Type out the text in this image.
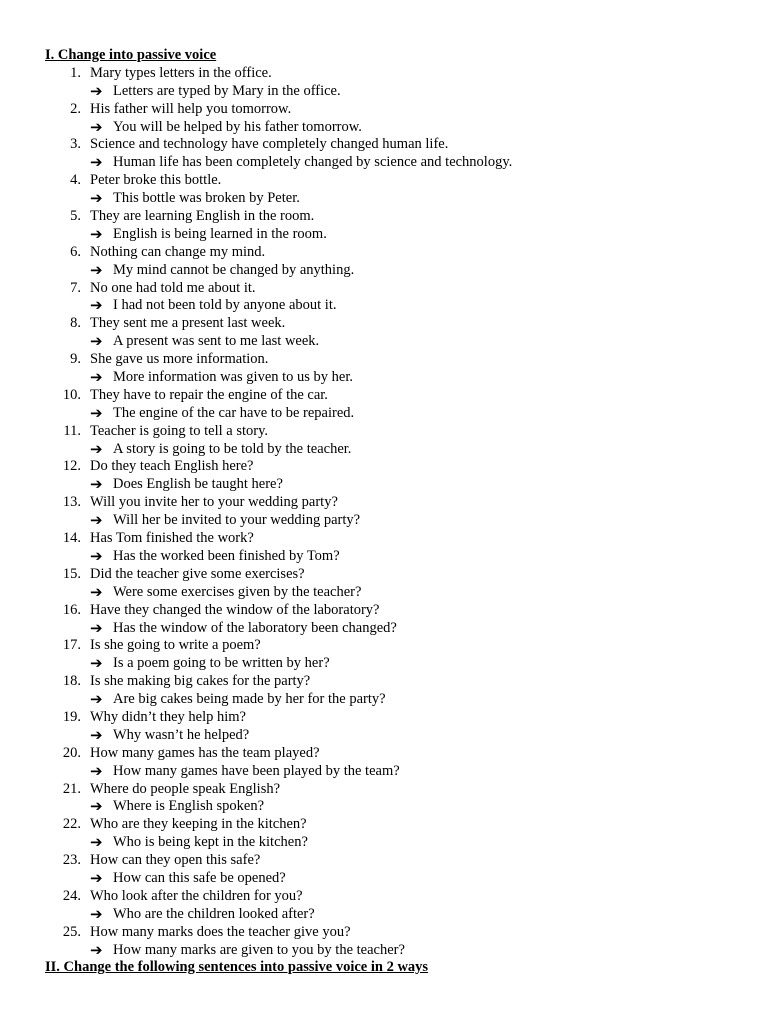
I. Change into passive voice
1. Mary types letters in the office.
➔ Letters are typed by Mary in the office.
2. His father will help you tomorrow.
➔ You will be helped by his father tomorrow.
3. Science and technology have completely changed human life.
➔ Human life has been completely changed by science and technology.
4. Peter broke this bottle.
➔ This bottle was broken by Peter.
5. They are learning English in the room.
➔ English is being learned in the room.
6. Nothing can change my mind.
➔ My mind cannot be changed by anything.
7. No one had told me about it.
➔ I had not been told by anyone about it.
8. They sent me a present last week.
➔ A present was sent to me last week.
9. She gave us more information.
➔ More information was given to us by her.
10. They have to repair the engine of the car.
➔ The engine of the car have to be repaired.
11. Teacher is going to tell a story.
➔ A story is going to be told by the teacher.
12. Do they teach English here?
➔ Does English be taught here?
13. Will you invite her to your wedding party?
➔ Will her be invited to your wedding party?
14. Has Tom finished the work?
➔ Has the worked been finished by Tom?
15. Did the teacher give some exercises?
➔ Were some exercises given by the teacher?
16. Have they changed the window of the laboratory?
➔ Has the window of the laboratory been changed?
17. Is she going to write a poem?
➔ Is a poem going to be written by her?
18. Is she making big cakes for the party?
➔ Are big cakes being made by her for the party?
19. Why didn’t they help him?
➔ Why wasn’t he helped?
20. How many games has the team played?
➔ How many games have been played by the team?
21. Where do people speak English?
➔ Where is English spoken?
22. Who are they keeping in the kitchen?
➔ Who is being kept in the kitchen?
23. How can they open this safe?
➔ How can this safe be opened?
24. Who look after the children for you?
➔ Who are the children looked after?
25. How many marks does the teacher give you?
➔ How many marks are given to you by the teacher?
II. Change the following sentences into passive voice in 2 ways
